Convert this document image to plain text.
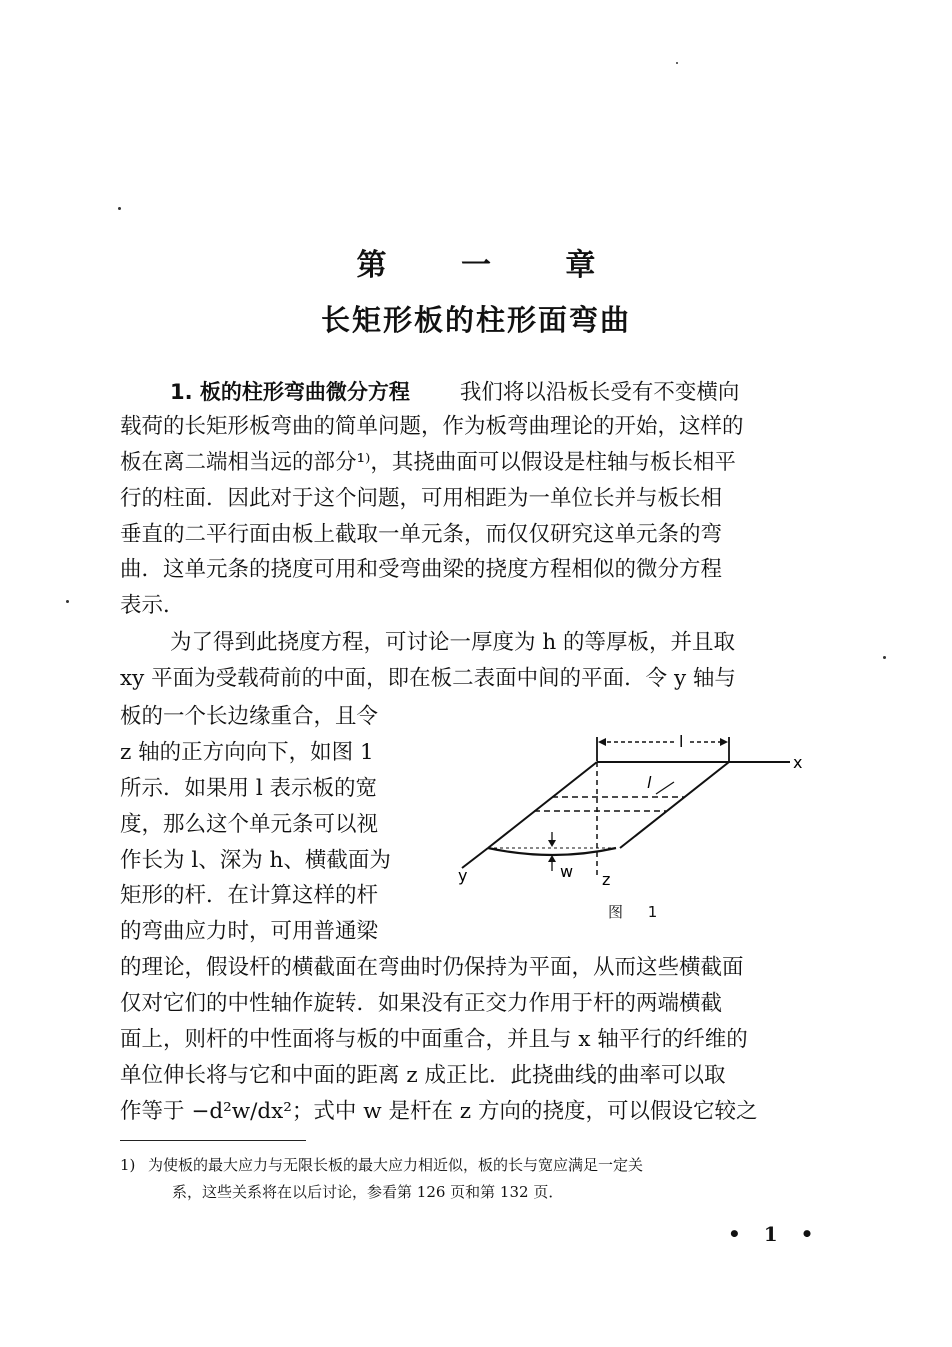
第 一 章
长矩形板的柱形面弯曲
1. 板的柱形弯曲微分方程 我们将以沿板长受有不变横向
载荷的长矩形板弯曲的简单问题，作为板弯曲理论的开始，这样的
板在离二端相当远的部分¹⁾，其挠曲面可以假设是柱轴与板长相平
行的柱面．因此对于这个问题，可用相距为一单位长并与板长相
垂直的二平行面由板上截取一单元条，而仅仅研究这单元条的弯
曲．这单元条的挠度可用和受弯曲梁的挠度方程相似的微分方程
表示．
为了得到此挠度方程，可讨论一厚度为 h 的等厚板，并且取
xy 平面为受载荷前的中面，即在板二表面中间的平面．令 y 轴与
板的一个长边缘重合，且令
z 轴的正方向向下，如图 1
所示．如果用 l 表示板的宽
度，那么这个单元条可以视
作长为 l、深为 h、横截面为
矩形的杆．在计算这样的杆
的弯曲应力时，可用普通梁
的理论，假设杆的横截面在弯曲时仍保持为平面，从而这些横截面
仅对它们的中性轴作旋转．如果没有正交力作用于杆的两端横截
面上，则杆的中性面将与板的中面重合，并且与 x 轴平行的纤维的
单位伸长将与它和中面的距离 z 成正比．此挠曲线的曲率可以取
作等于 −d²w/dx²；式中 w 是杆在 z 方向的挠度，可以假设它较之
l
x
y
l
z
w
图 1
1) 为使板的最大应力与无限长板的最大应力相近似，板的长与宽应满足一定关
系，这些关系将在以后讨论，参看第 126 页和第 132 页．
• 1 •
